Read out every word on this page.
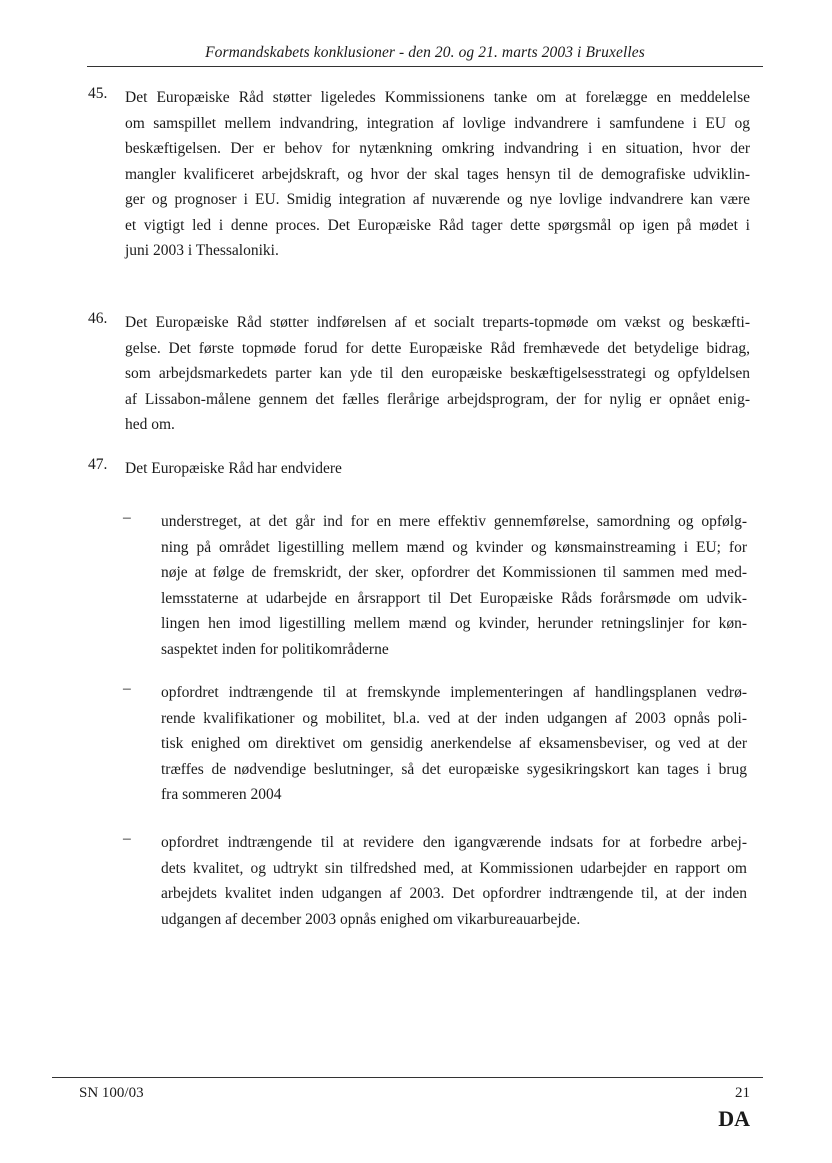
Formandskabets konklusioner - den 20. og 21. marts 2003 i Bruxelles
45. Det Europæiske Råd støtter ligeledes Kommissionens tanke om at forelægge en meddelelse
om samspillet mellem indvandring, integration af lovlige indvandrere i samfundene i EU og
beskæftigelsen. Der er behov for nytænkning omkring indvandring i en situation, hvor der
mangler kvalificeret arbejdskraft, og hvor der skal tages hensyn til de demografiske udviklin-
ger og prognoser i EU. Smidig integration af nuværende og nye lovlige indvandrere kan være
et vigtigt led i denne proces. Det Europæiske Råd tager dette spørgsmål op igen på mødet i
juni 2003 i Thessaloniki.
46. Det Europæiske Råd støtter indførelsen af et socialt treparts-topmøde om vækst og beskæfti-
gelse. Det første topmøde forud for dette Europæiske Råd fremhævede det betydelige bidrag,
som arbejdsmarkedets parter kan yde til den europæiske beskæftigelsesstrategi og opfyldelsen
af Lissabon-målene gennem det fælles flerårige arbejdsprogram, der for nylig er opnået enig-
hed om.
47. Det Europæiske Råd har endvidere
– understreget, at det går ind for en mere effektiv gennemførelse, samordning og opfølg-
ning på området ligestilling mellem mænd og kvinder og kønsmainstreaming i EU; for
nøje at følge de fremskridt, der sker, opfordrer det Kommissionen til sammen med med-
lemsstaterne at udarbejde en årsrapport til Det Europæiske Råds forårsmøde om udvik-
lingen hen imod ligestilling mellem mænd og kvinder, herunder retningslinjer for køn-
saspektet inden for politikområderne
– opfordret indtrængende til at fremskynde implementeringen af handlingsplanen vedrø-
rende kvalifikationer og mobilitet, bl.a. ved at der inden udgangen af 2003 opnås poli-
tisk enighed om direktivet om gensidig anerkendelse af eksamensbeviser, og ved at der
træffes de nødvendige beslutninger, så det europæiske sygesikringskort kan tages i brug
fra sommeren 2004
– opfordret indtrængende til at revidere den igangværende indsats for at forbedre arbej-
dets kvalitet, og udtrykt sin tilfredshed med, at Kommissionen udarbejder en rapport om
arbejdets kvalitet inden udgangen af 2003. Det opfordrer indtrængende til, at der inden
udgangen af december 2003 opnås enighed om vikarbureauarbejde.
SN 100/03	21
DA
